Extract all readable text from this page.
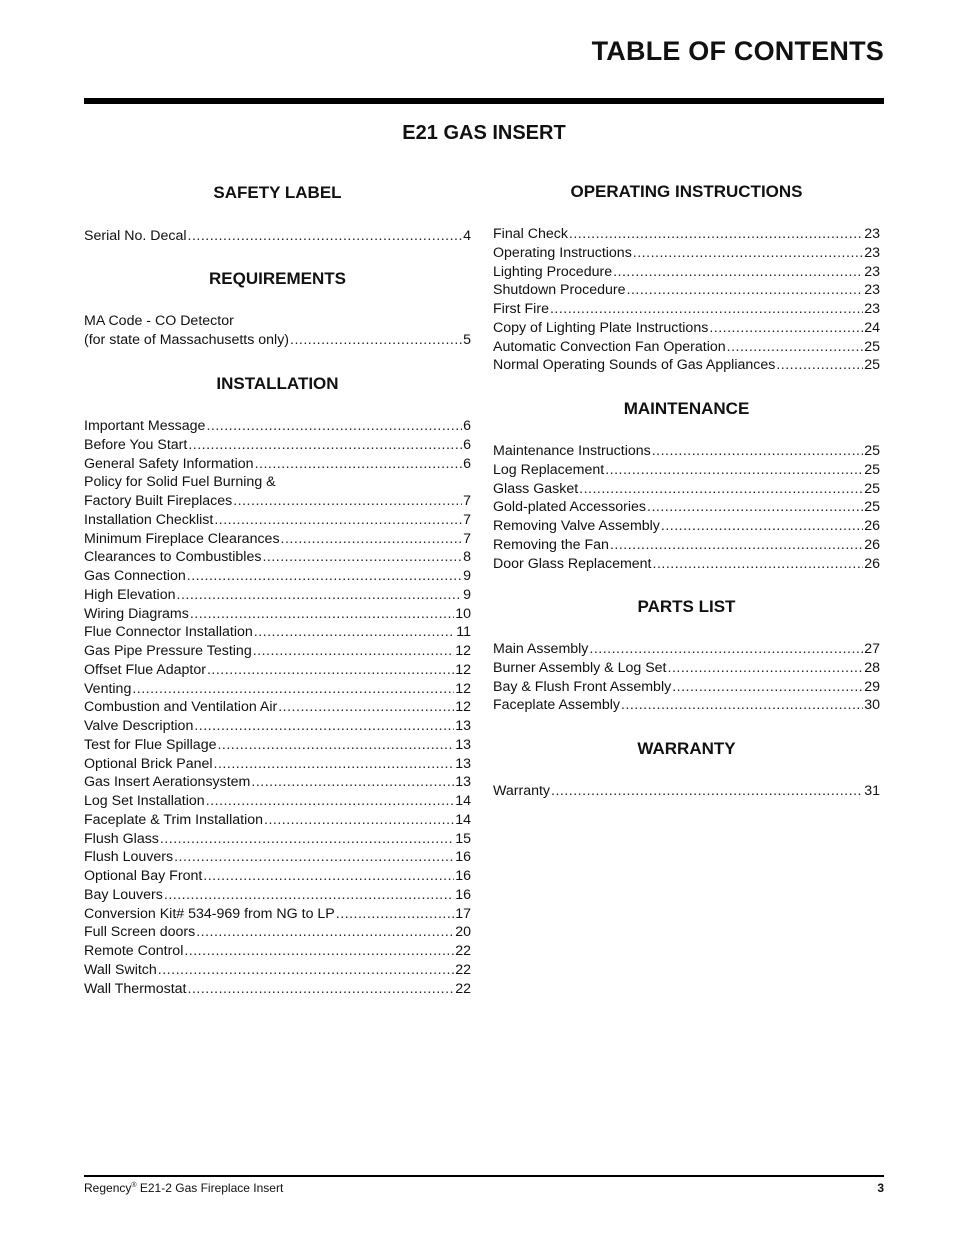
TABLE OF CONTENTS
E21 GAS INSERT
SAFETY LABEL
Serial No. Decal .....	4
REQUIREMENTS
MA Code - CO Detector
(for state of Massachusetts only) .....	5
INSTALLATION
Important Message .....	6
Before You Start .....	6
General Safety Information .....	6
Policy for Solid Fuel Burning &
Factory Built Fireplaces .....	7
Installation Checklist .....	7
Minimum Fireplace Clearances .....	7
Clearances to Combustibles .....	8
Gas Connection .....	9
High Elevation .....	9
Wiring Diagrams .....	10
Flue Connector Installation .....	11
Gas Pipe Pressure Testing .....	12
Offset Flue Adaptor .....	12
Venting .....	12
Combustion and Ventilation Air .....	12
Valve Description .....	13
Test for Flue Spillage .....	13
Optional Brick Panel .....	13
Gas Insert Aerationsystem .....	13
Log Set Installation .....	14
Faceplate & Trim Installation .....	14
Flush Glass .....	15
Flush Louvers .....	16
Optional Bay Front .....	16
Bay Louvers .....	16
Conversion Kit# 534-969 from NG to LP .....	17
Full Screen doors .....	20
Remote Control .....	22
Wall Switch .....	22
Wall Thermostat .....	22
OPERATING INSTRUCTIONS
Final Check .....	23
Operating Instructions .....	23
Lighting Procedure .....	23
Shutdown Procedure .....	23
First Fire .....	23
Copy of Lighting Plate Instructions .....	24
Automatic Convection Fan Operation .....	25
Normal Operating Sounds of Gas Appliances .....	25
MAINTENANCE
Maintenance Instructions .....	25
Log Replacement .....	25
Glass Gasket .....	25
Gold-plated Accessories .....	25
Removing Valve Assembly .....	26
Removing the Fan .....	26
Door Glass Replacement .....	26
PARTS LIST
Main Assembly .....	27
Burner Assembly & Log Set .....	28
Bay & Flush Front Assembly .....	29
Faceplate Assembly .....	30
WARRANTY
Warranty .....	31
Regency® E21-2 Gas Fireplace Insert	3
